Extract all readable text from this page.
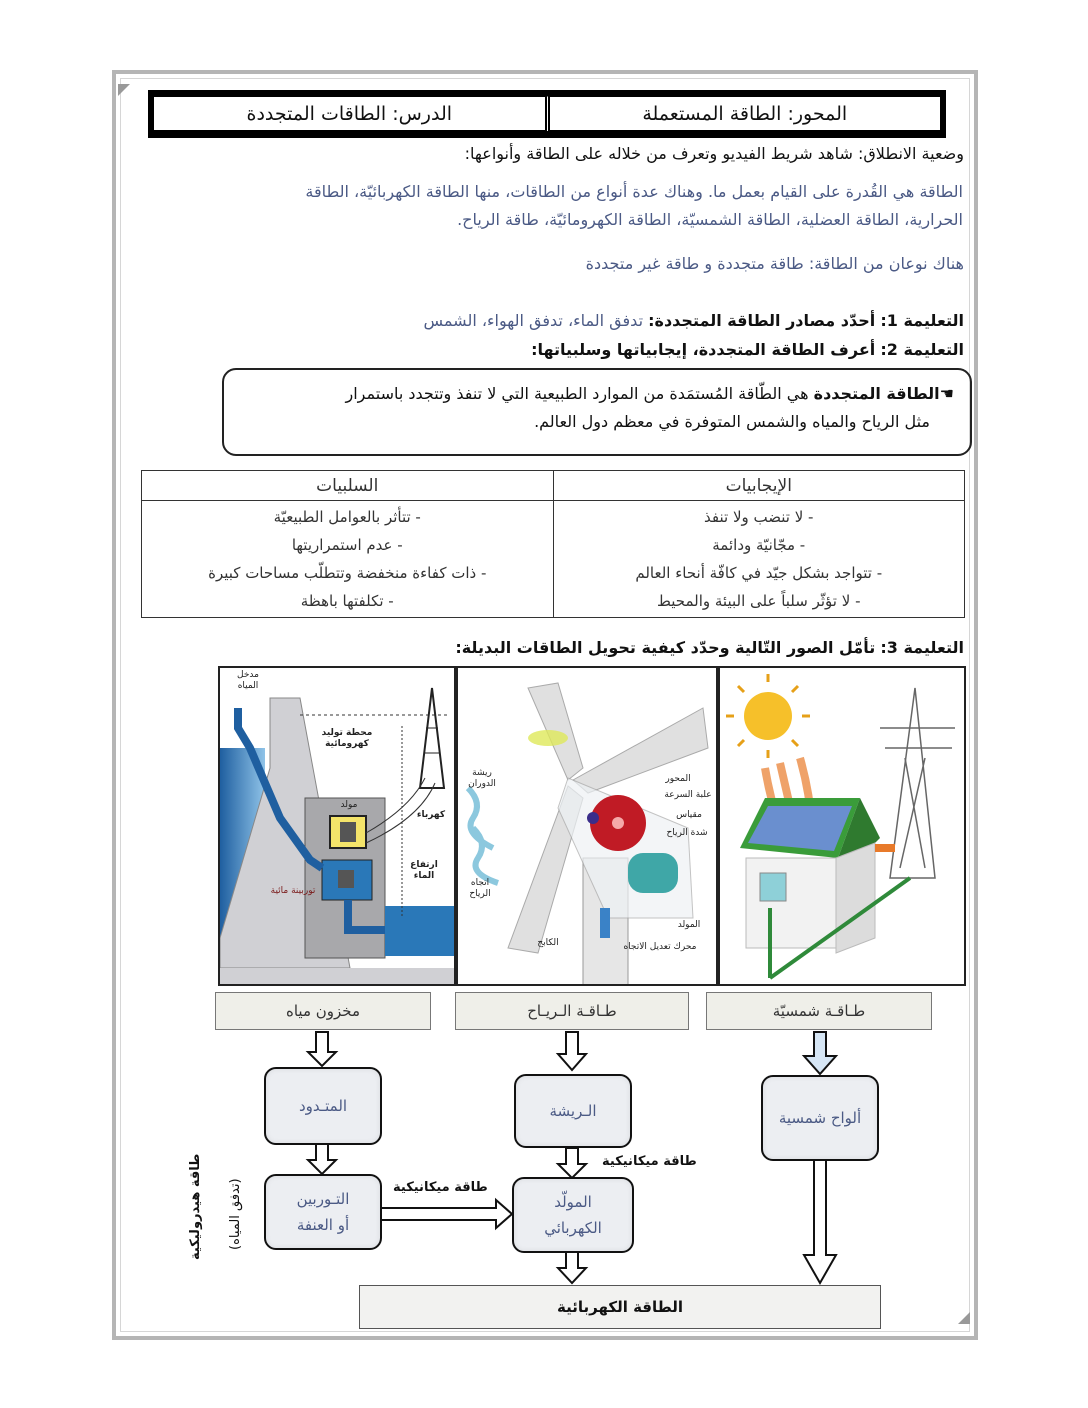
المحور: الطاقة المستعملة
الدرس: الطاقات المتجددة
وضعية الانطلاق: شاهد شريط الفيديو وتعرف من خلاله على الطاقة وأنواعها:
الطاقة هي القُدرة على القيام بعمل ما. وهناك عدة أنواع من الطاقات، منها الطاقة الكهربائيّة، الطاقة
الحرارية، الطاقة العضلية، الطاقة الشمسيّة، الطاقة الكهرومائيّة، طاقة الرياح.
هناك نوعان من الطاقة: طاقة متجددة و طاقة غير متجددة
التعليمة 1: أحدّد مصادر الطاقة المتجددة: تدفق الماء، تدفق الهواء، الشمس
التعليمة 2: أعرف الطاقة المتجددة، إيجابياتها وسلبياتها:
☚الطاقة المتجددة هي الطّاقة المُستمَدة من الموارد الطبيعية التي لا تنفذ وتتجدد باستمرار
مثل الرياح والمياه والشمس المتوفرة في معظم دول العالم.
الإيجابيات	السلبيات

- لا تنضب ولا تنفذ
- مجّانيّة ودائمة
- تتواجد بشكل جيّد في كافّة أنحاء العالم
- لا تؤثّر سلباً على البيئة والمحيط

- تتأثر بالعوامل الطبيعيّة
- عدم استمراريتها
- ذات كفاءة منخفضة وتتطلّب مساحات كبيرة
- تكلفتها باهظة
التعليمة 3: تأمّل الصور التّالية وحدّد كيفية تحويل الطاقات البديلة:
مدخل المياه
محطة توليد كهرومائية
مولد
كهرباء
توربينة مائية
ارتفاع الماء
ريشة الدوران	المحور
علبة السرعة
مقياس
شدة الرياح
اتجاه الرياح
المولد
محرك تعديل الاتجاه
الكابح
مخزون مياه	طـاقـة الـريـاح	طـاقـة شمسيّة
المتـدود	الـريشة	ألواح شمسية
التـوربين
أو العنفة
المولّد
الكهربائي
طاقة ميكانيكية
طاقة ميكانيكية
طاقة هيدروليكية (تدفق المياه)
الطاقة الكهربائية
